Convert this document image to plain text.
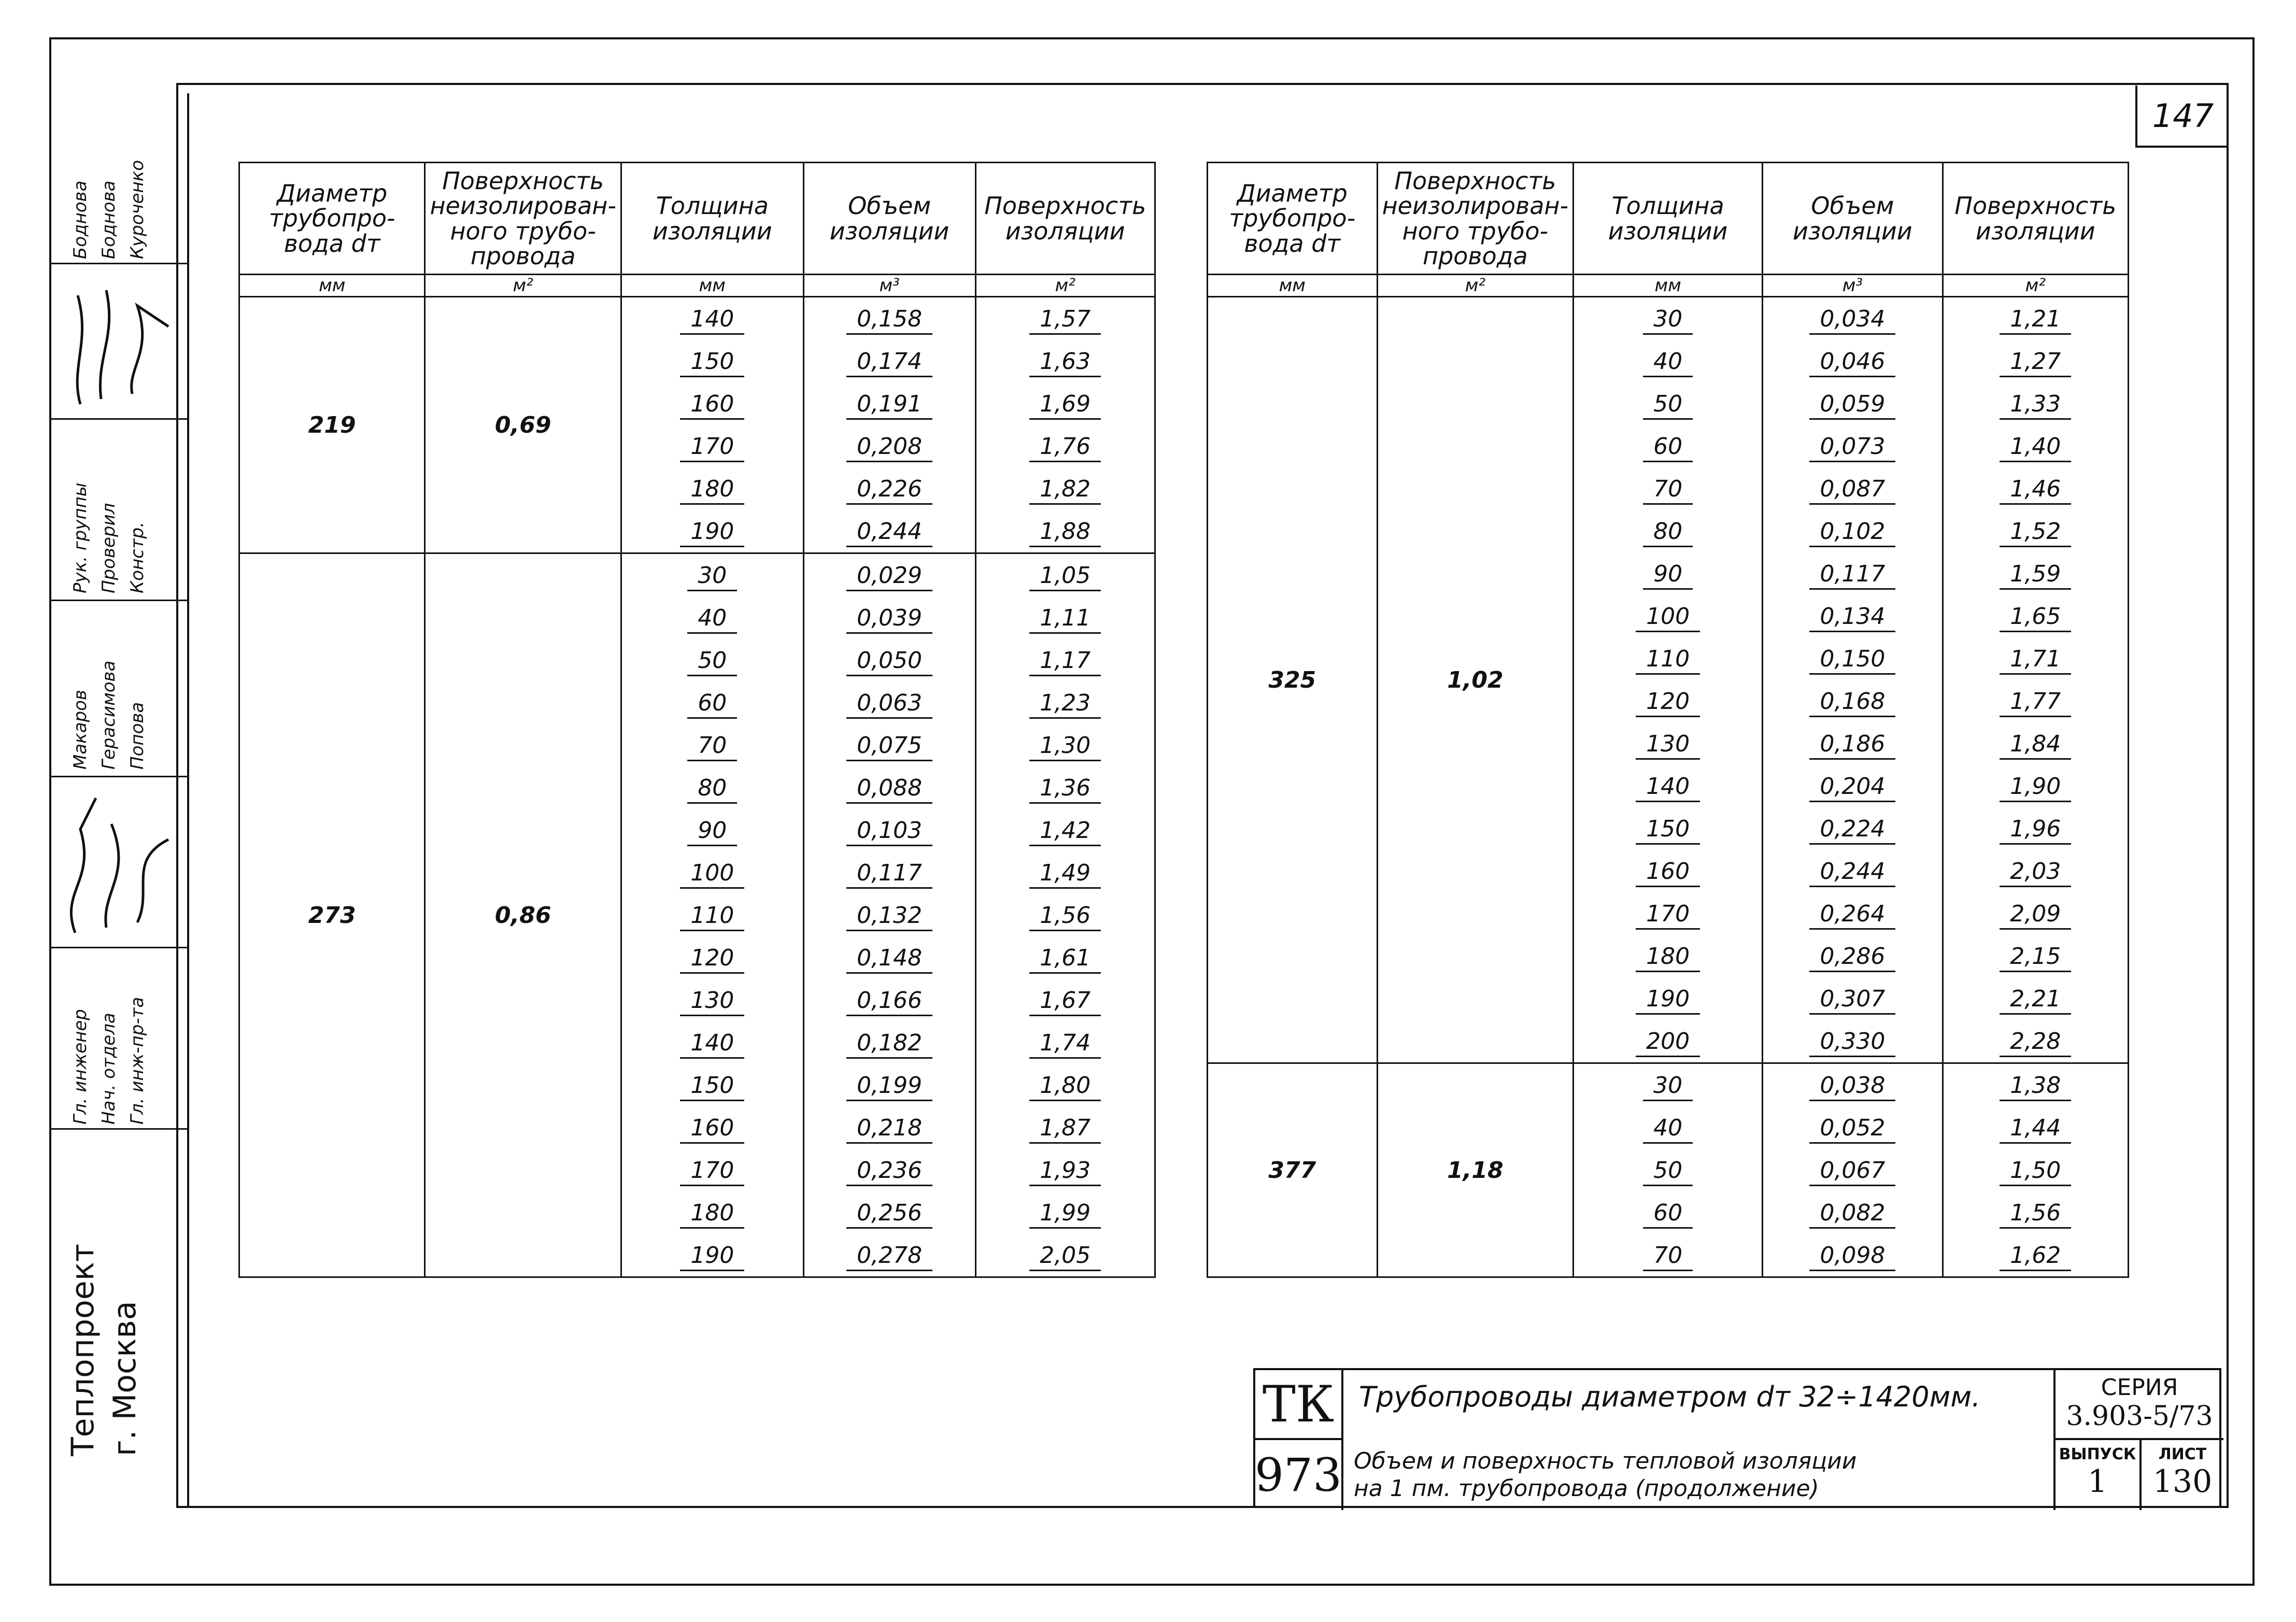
147
Боднова Боднова Куроченко
Рук. группы Проверил Констр.
Макаров Герасимова Попова
Гл. инженер Нач. отдела Гл. инж-пр-та
Теплопроект г. Москва
Диаметр трубопро-вода dт	Поверхность неизолирован-ного трубо-провода	Толщина изоляции	Объем изоляции	Поверхность изоляции
мм	м²	мм	м³	м²
219	0,69	140	0,158	1,57
		150	0,174	1,63
		160	0,191	1,69
		170	0,208	1,76
		180	0,226	1,82
		190	0,244	1,88
273	0,86	30	0,029	1,05
		40	0,039	1,11
		50	0,050	1,17
		60	0,063	1,23
		70	0,075	1,30
		80	0,088	1,36
		90	0,103	1,42
		100	0,117	1,49
		110	0,132	1,56
		120	0,148	1,61
		130	0,166	1,67
		140	0,182	1,74
		150	0,199	1,80
		160	0,218	1,87
		170	0,236	1,93
		180	0,256	1,99
		190	0,278	2,05
Диаметр трубопро-вода dт	Поверхность неизолирован-ного трубо-провода	Толщина изоляции	Объем изоляции	Поверхность изоляции
мм	м²	мм	м³	м²
325	1,02	30	0,034	1,21
		40	0,046	1,27
		50	0,059	1,33
		60	0,073	1,40
		70	0,087	1,46
		80	0,102	1,52
		90	0,117	1,59
		100	0,134	1,65
		110	0,150	1,71
		120	0,168	1,77
		130	0,186	1,84
		140	0,204	1,90
		150	0,224	1,96
		160	0,244	2,03
		170	0,264	2,09
		180	0,286	2,15
		190	0,307	2,21
		200	0,330	2,28
377	1,18	30	0,038	1,38
		40	0,052	1,44
		50	0,067	1,50
		60	0,082	1,56
		70	0,098	1,62
ТК
973
Трубопроводы диаметром dт 32÷1420мм.
Объем и поверхность тепловой изоляции
на 1 пм. трубопровода (продолжение)
СЕРИЯ
3.903-5/73
ВЫПУСК
1
ЛИСТ
130
